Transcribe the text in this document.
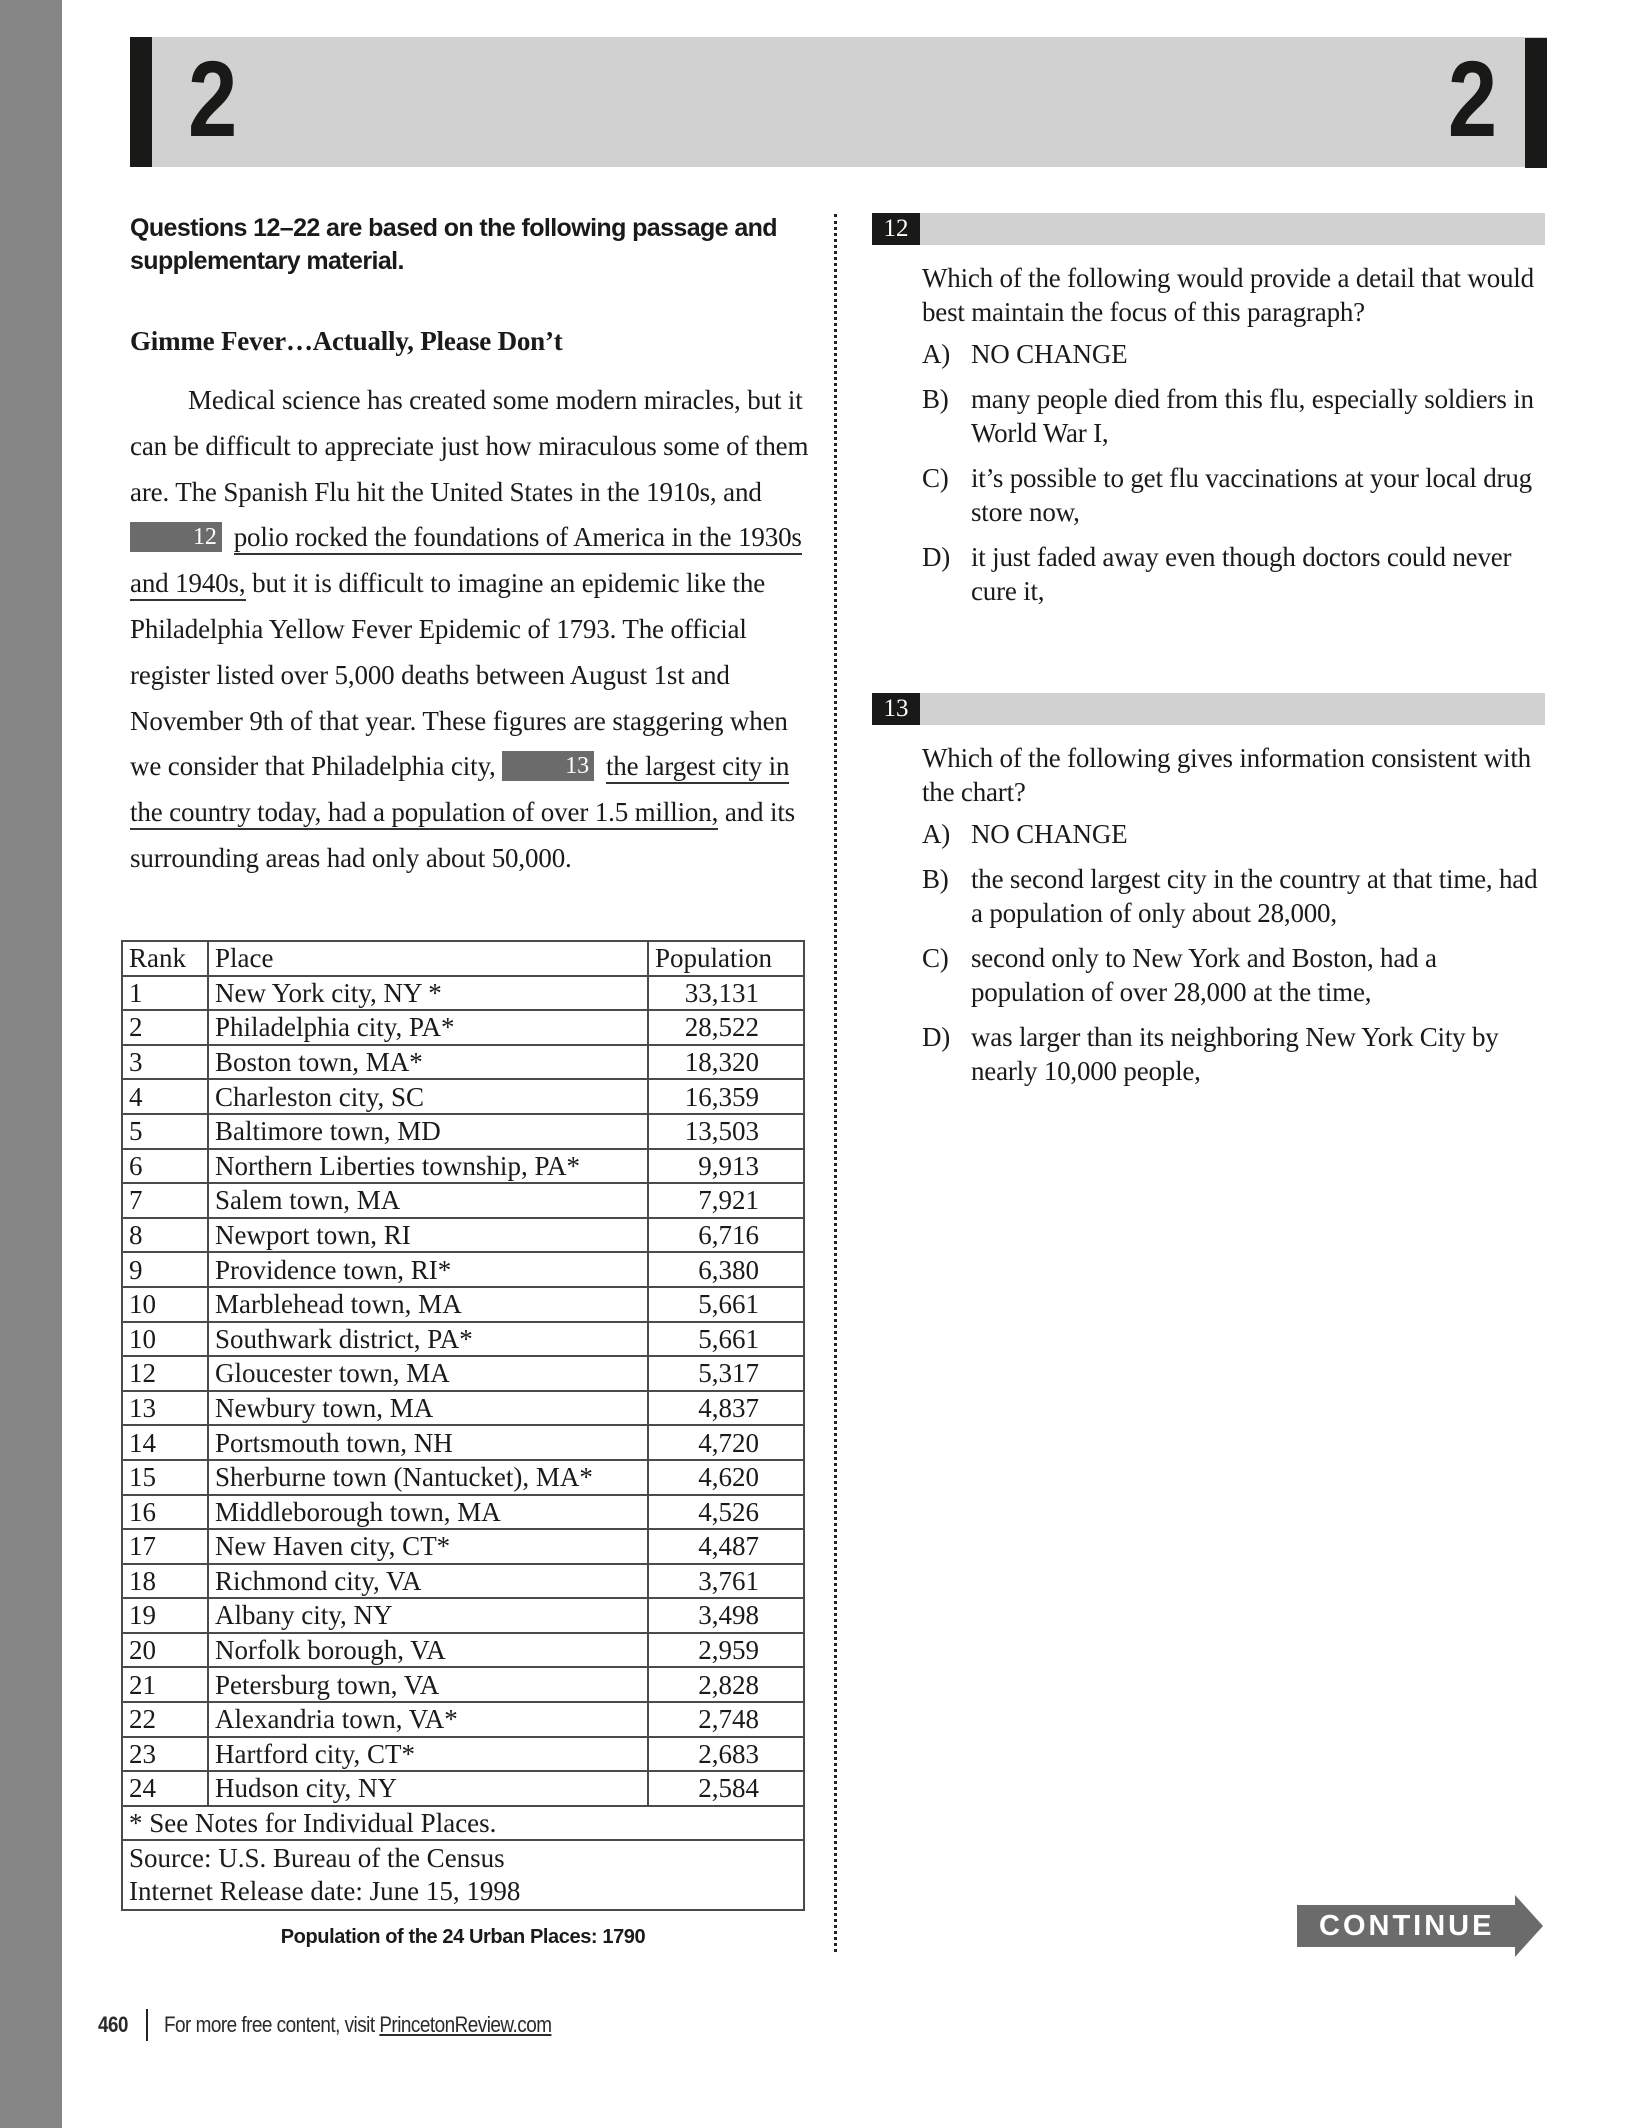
2	2
Questions 12–22 are based on the following passage and supplementary material.
Gimme Fever…Actually, Please Don’t

Medical science has created some modern miracles, but it can be difficult to appreciate just how miraculous some of them are. The Spanish Flu hit the United States in the 1910s, and 12 polio rocked the foundations of America in the 1930s and 1940s, but it is difficult to imagine an epidemic like the Philadelphia Yellow Fever Epidemic of 1793. The official register listed over 5,000 deaths between August 1st and November 9th of that year. These figures are staggering when we consider that Philadelphia city,	13 the largest city in the country today, had a population of over 1.5 million, and its surrounding areas had only about 50,000.

Rank	Place	Population
1	New York city, NY *	33,131
2	Philadelphia city, PA*	28,522
3	Boston town, MA*	18,320
4	Charleston city, SC	16,359
5	Baltimore town, MD	13,503
6	Northern Liberties township, PA*	9,913
7	Salem town, MA	7,921
8	Newport town, RI	6,716
9	Providence town, RI*	6,380
10	Marblehead town, MA	5,661
10	Southwark district, PA*	5,661
12	Gloucester town, MA	5,317
13	Newbury town, MA	4,837
14	Portsmouth town, NH	4,720
15	Sherburne town (Nantucket), MA*	4,620
16	Middleborough town, MA	4,526
17	New Haven city, CT*	4,487
18	Richmond city, VA	3,761
19	Albany city, NY	3,498
20	Norfolk borough, VA	2,959
21	Petersburg town, VA	2,828
22	Alexandria town, VA*	2,748
23	Hartford city, CT*	2,683
24	Hudson city, NY	2,584
* See Notes for Individual Places.		

Source: U.S. Bureau of the Census
Internet Release date: June 15, 1998		
Population of the 24 Urban Places: 1790
12
Which of the following would provide a detail that would best maintain the focus of this paragraph?
A) NO CHANGE
B) many people died from this flu, especially soldiers in World War I,
C) it’s possible to get flu vaccinations at your local drug store now,
D) it just faded away even though doctors could never cure it,
13
Which of the following gives information consistent with the chart?
A) NO CHANGE
B) the second largest city in the country at that time, had a population of only about 28,000,
C) second only to New York and Boston, had a population of over 28,000 at the time,
D) was larger than its neighboring New York City by nearly 10,000 people,
CONTINUE
460 For more free content, visit PrincetonReview.com
